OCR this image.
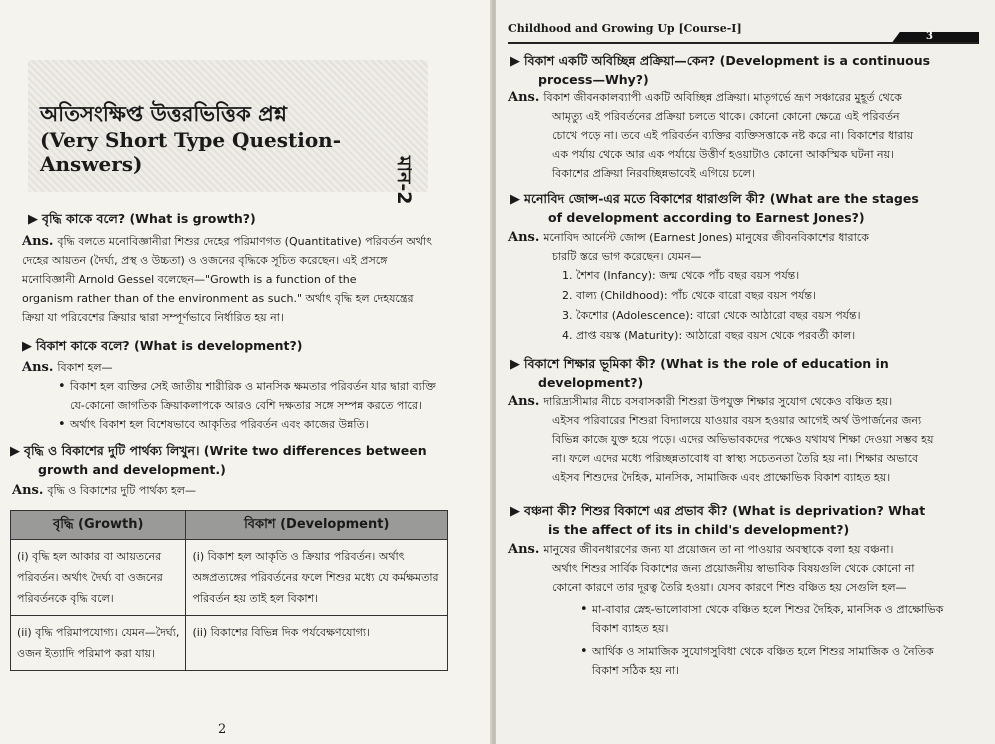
অতিসংক্ষিপ্ত উত্তরভিত্তিক প্রশ্ন
(Very Short Type Question-Answers)	মান-2
▶ বৃদ্ধি কাকে বলে? (What is growth?)
Ans. বৃদ্ধি বলতে মনোবিজ্ঞানীরা শিশুর দেহের পরিমাণগত (Quantitative) পরিবর্তন অর্থাৎ
দেহের আয়তন (দৈর্ঘ্য, প্রস্থ ও উচ্চতা) ও ওজনের বৃদ্ধিকে সূচিত করেছেন। এই প্রসঙ্গে
মনোবিজ্ঞানী Arnold Gessel বলেছেন—"Growth is a function of the
organism rather than of the environment as such." অর্থাৎ বৃদ্ধি হল দেহযন্ত্রের
ক্রিয়া যা পরিবেশের ক্রিয়ার দ্বারা সম্পূর্ণভাবে নির্ধারিত হয় না।
▶ বিকাশ কাকে বলে? (What is development?)
Ans. বিকাশ হল—
• বিকাশ হল ব্যক্তির সেই জাতীয় শারীরিক ও মানসিক ক্ষমতার পরিবর্তন যার দ্বারা ব্যক্তি
যে-কোনো জাগতিক ক্রিয়াকলাপকে আরও বেশি দক্ষতার সঙ্গে সম্পন্ন করতে পারে।
• অর্থাৎ বিকাশ হল বিশেষভাবে আকৃতির পরিবর্তন এবং কাজের উন্নতি।
▶ বৃদ্ধি ও বিকাশের দুটি পার্থক্য লিখুন। (Write two differences between
growth and development.)
Ans. বৃদ্ধি ও বিকাশের দুটি পার্থক্য হল—
বৃদ্ধি (Growth)	বিকাশ (Development)
(i) বৃদ্ধি হল আকার বা আয়তনের পরিবর্তন। অর্থাৎ দৈর্ঘ্য বা ওজনের পরিবর্তনকে বৃদ্ধি বলে।	(i) বিকাশ হল আকৃতি ও ক্রিয়ার পরিবর্তন। অর্থাৎ অঙ্গপ্রত্যঙ্গের পরিবর্তনের ফলে শিশুর মধ্যে যে কর্মক্ষমতার পরিবর্তন হয় তাই হল বিকাশ।
(ii) বৃদ্ধি পরিমাপযোগ্য। যেমন—দৈর্ঘ্য, ওজন ইত্যাদি পরিমাপ করা যায়।	(ii) বিকাশের বিভিন্ন দিক পর্যবেক্ষণযোগ্য।
2
Childhood and Growing Up [Course-I]
3
▶ বিকাশ একটি অবিচ্ছিন্ন প্রক্রিয়া—কেন? (Development is a continuous
process—Why?)
Ans. বিকাশ জীবনকালব্যাপী একটি অবিচ্ছিন্ন প্রক্রিয়া। মাতৃগর্ভে ভ্রূণ সঞ্চারের মুহূর্ত থেকে
আমৃত্যু এই পরিবর্তনের প্রক্রিয়া চলতে থাকে। কোনো কোনো ক্ষেত্রে এই পরিবর্তন
চোখে পড়ে না। তবে এই পরিবর্তন ব্যক্তির ব্যক্তিসত্তাকে নষ্ট করে না। বিকাশের ধারায়
এক পর্যায় থেকে আর এক পর্যায়ে উত্তীর্ণ হওয়াটাও কোনো আকস্মিক ঘটনা নয়।
বিকাশের প্রক্রিয়া নিরবচ্ছিন্নভাবেই এগিয়ে চলে।
▶ মনোবিদ জোন্স-এর মতে বিকাশের ধারাগুলি কী? (What are the stages
of development according to Earnest Jones?)
Ans. মনোবিদ আর্নেস্ট জোন্স (Earnest Jones) মানুষের জীবনবিকাশের ধারাকে
চারটি স্তরে ভাগ করেছেন। যেমন—
1. শৈশব (Infancy): জন্ম থেকে পাঁচ বছর বয়স পর্যন্ত।
2. বাল্য (Childhood): পাঁচ থেকে বারো বছর বয়স পর্যন্ত।
3. কৈশোর (Adolescence): বারো থেকে আঠারো বছর বয়স পর্যন্ত।
4. প্রাপ্ত বয়স্ক (Maturity): আঠারো বছর বয়স থেকে পরবর্তী কাল।
▶ বিকাশে শিক্ষার ভূমিকা কী? (What is the role of education in
development?)
Ans. দারিদ্র্যসীমার নীচে বসবাসকারী শিশুরা উপযুক্ত শিক্ষার সুযোগ থেকেও বঞ্চিত হয়।
এইসব পরিবারের শিশুরা বিদ্যালয়ে যাওয়ার বয়স হওয়ার আগেই অর্থ উপার্জনের জন্য
বিভিন্ন কাজে যুক্ত হয়ে পড়ে। এদের অভিভাবকদের পক্ষেও যথাযথ শিক্ষা দেওয়া সম্ভব হয়
না। ফলে এদের মধ্যে পরিচ্ছন্নতাবোধ বা স্বাস্থ্য সচেতনতা তৈরি হয় না। শিক্ষার অভাবে
এইসব শিশুদের দৈহিক, মানসিক, সামাজিক এবং প্রাক্ষোভিক বিকাশ ব্যাহত হয়।
▶ বঞ্চনা কী? শিশুর বিকাশে এর প্রভাব কী? (What is deprivation? What
is the affect of its in child's development?)
Ans. মানুষের জীবনধারণের জন্য যা প্রয়োজন তা না পাওয়ার অবস্থাকে বলা হয় বঞ্চনা।
অর্থাৎ শিশুর সার্বিক বিকাশের জন্য প্রয়োজনীয় স্বাভাবিক বিষয়গুলি থেকে কোনো না
কোনো কারণে তার দূরত্ব তৈরি হওয়া। যেসব কারণে শিশু বঞ্চিত হয় সেগুলি হল—
• মা-বাবার স্নেহ-ভালোবাসা থেকে বঞ্চিত হলে শিশুর দৈহিক, মানসিক ও প্রাক্ষোভিক
বিকাশ ব্যাহত হয়।
• আর্থিক ও সামাজিক সুযোগসুবিধা থেকে বঞ্চিত হলে শিশুর সামাজিক ও নৈতিক
বিকাশ সঠিক হয় না।
